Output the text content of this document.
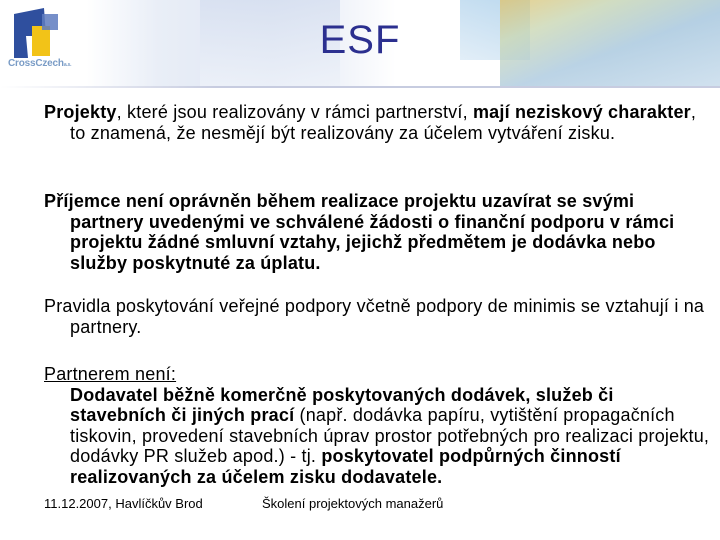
CrossCzecha.s.
ESF
Projekty, které jsou realizovány v rámci partnerství, mají neziskový charakter, to znamená, že nesmějí být realizovány za účelem vytváření zisku.
Příjemce není oprávněn během realizace projektu uzavírat se svými partnery uvedenými ve schválené žádosti o finanční podporu v rámci projektu žádné smluvní vztahy, jejichž předmětem je dodávka nebo služby poskytnuté za úplatu.
Pravidla poskytování veřejné podpory včetně podpory de minimis se vztahují i na partnery.
Partnerem není:
Dodavatel běžně komerčně poskytovaných dodávek, služeb či stavebních či jiných prací (např. dodávka papíru, vytištění propagačních tiskovin, provedení stavebních úprav prostor potřebných pro realizaci projektu, dodávky PR služeb apod.) - tj. poskytovatel podpůrných činností realizovaných za účelem zisku dodavatele.
11.12.2007, Havlíčkův Brod	Školení projektových manažerů
